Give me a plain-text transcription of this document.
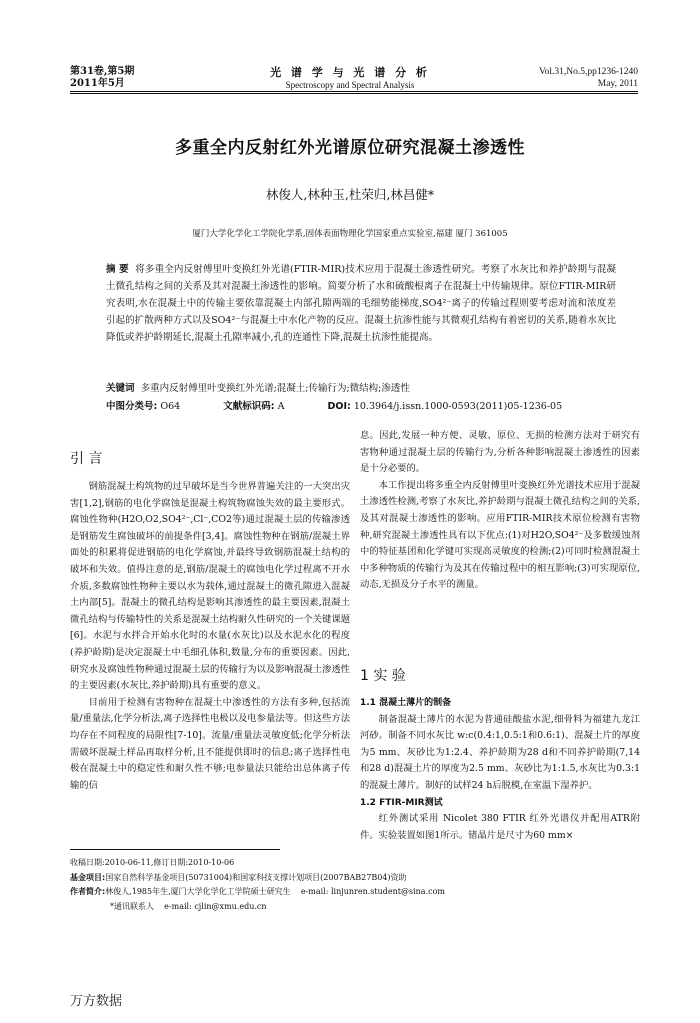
第31卷,第5期
2011年5月
光 谱 学 与 光 谱 分 析
Spectroscopy and Spectral Analysis
Vol.31,No.5,pp1236-1240
May, 2011
多重全内反射红外光谱原位研究混凝土渗透性
林俊人,林种玉,杜荣归,林昌健*
厦门大学化学化工学院化学系,固体表面物理化学国家重点实验室,福建 厦门 361005
摘 要 将多重全内反射傅里叶变换红外光谱(FTIR-MIR)技术应用于混凝土渗透性研究。考察了水灰比和养护龄期与混凝土微孔结构之间的关系及其对混凝土渗透性的影响。简要分析了水和硫酸根离子在混凝土中传输规律。原位FTIR-MIR研究表明,水在混凝土中的传输主要依靠混凝土内部孔隙两端的毛细势能梯度,SO4²⁻离子的传输过程则要考虑对流和浓度差引起的扩散两种方式以及SO4²⁻与混凝土中水化产物的反应。混凝土抗渗性能与其微观孔结构有着密切的关系,随着水灰比降低或养护龄期延长,混凝土孔隙率减小,孔的连通性下降,混凝土抗渗性能提高。
关键词 多重内反射傅里叶变换红外光谱;混凝土;传输行为;微结构;渗透性
中图分类号: O64	文献标识码: A	DOI: 10.3964/j.issn.1000-0593(2011)05-1236-05
引 言

钢筋混凝土构筑物的过早破坏是当今世界普遍关注的一大突出灾害[1,2],钢筋的电化学腐蚀是混凝土构筑物腐蚀失效的最主要形式。腐蚀性物种(H2O,O2,SO4²⁻,Cl⁻,CO2等)通过混凝土层的传输渗透是钢筋发生腐蚀破坏的前提条件[3,4]。腐蚀性物种在钢筋/混凝土界面处的积累将促进钢筋的电化学腐蚀,并最终导致钢筋混凝土结构的破坏和失效。值得注意的是,钢筋/混凝土的腐蚀电化学过程离不开水介质,多数腐蚀性物种主要以水为载体,通过混凝土的微孔隙进入混凝土内部[5]。混凝土的微孔结构是影响其渗透性的最主要因素,混凝土微孔结构与传输特性的关系是混凝土结构耐久性研究的一个关键课题[6]。水泥与水拌合开始水化时的水量(水灰比)以及水泥水化的程度(养护龄期)是决定混凝土中毛细孔体积,数量,分布的重要因素。因此,研究水及腐蚀性物种通过混凝土层的传输行为以及影响混凝土渗透性的主要因素(水灰比,养护龄期)具有重要的意义。

目前用于检测有害物种在混凝土中渗透性的方法有多种,包括流量/重量法,化学分析法,离子选择性电极以及电参量法等。但这些方法均存在不同程度的局限性[7-10]。流量/重量法灵敏度低;化学分析法需破坏混凝土样品再取样分析,且不能提供即时的信息;离子选择性电极在混凝土中的稳定性和耐久性不够;电参量法只能给出总体离子传输的信

息。因此,发展一种方便、灵敏、原位、无损的检测方法对于研究有害物种通过混凝土层的传输行为,分析各种影响混凝土渗透性的因素是十分必要的。

本工作提出将多重全内反射傅里叶变换红外光谱技术应用于混凝土渗透性检测,考察了水灰比,养护龄期与混凝土微孔结构之间的关系,及其对混凝土渗透性的影响。应用FTIR-MIR技术原位检测有害物种,研究混凝土渗透性具有以下优点:(1)对H2O,SO4²⁻及多数缓蚀剂中的特征基团和化学键可实现高灵敏度的检测;(2)可同时检测混凝土中多种物质的传输行为及其在传输过程中的相互影响;(3)可实现原位,动态,无损及分子水平的测量。

1 实 验
1.1 混凝土薄片的制备

制备混凝土薄片的水泥为普通硅酸盐水泥,细骨料为福建九龙江河砂。制备不同水灰比 w:c(0.4:1,0.5:1和0.6:1)、混凝土片的厚度为5 mm、灰砂比为1:2.4、养护龄期为28 d和不同养护龄期(7,14和28 d)混凝土片的厚度为2.5 mm、灰砂比为1:1.5,水灰比为0.3:1的混凝土薄片。制好的试样24 h后脱模,在室温下湿养护。

1.2 FTIR-MIR测试

红外测试采用 Nicolet 380 FTIR 红外光谱仪并配用ATR附件。实验装置如图1所示。锗晶片是尺寸为60 mm×

收稿日期:2010-06-11,修订日期:2010-10-06
基金项目:国家自然科学基金项目(50731004)和国家科技支撑计划项目(2007BAB27B04)资助
作者简介:林俊人,1985年生,厦门大学化学化工学院硕士研究生 e-mail: linjunren.student@sina.com
*通讯联系人 e-mail: cjlin@xmu.edu.cn
万方数据
